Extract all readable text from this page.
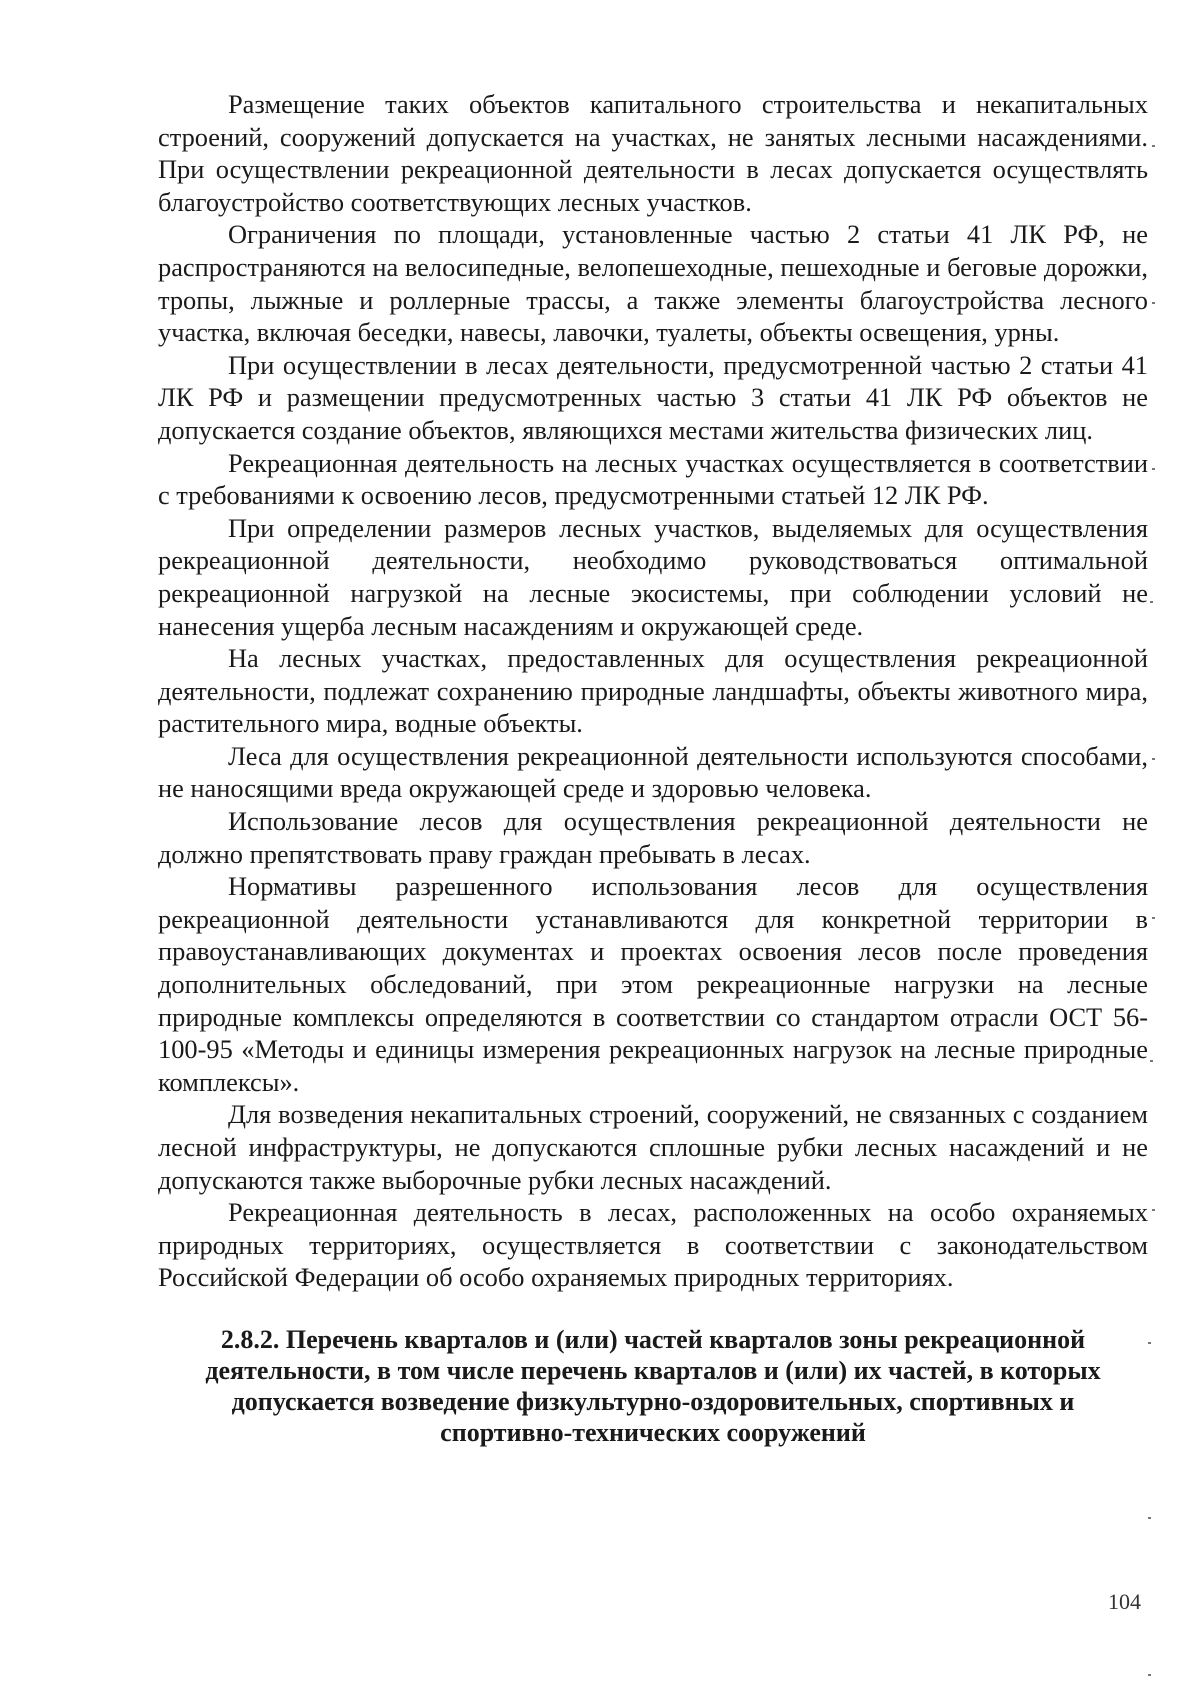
Размещение таких объектов капитального строительства и некапитальных строений, сооружений допускается на участках, не занятых лесными насаждениями. При осуществлении рекреационной деятельности в лесах допускается осуществлять благоустройство соответствующих лесных участков.

Ограничения по площади, установленные частью 2 статьи 41 ЛК РФ, не распространяются на велосипедные, велопешеходные, пешеходные и беговые дорожки, тропы, лыжные и роллерные трассы, а также элементы благоустройства лесного участка, включая беседки, навесы, лавочки, туалеты, объекты освещения, урны.

При осуществлении в лесах деятельности, предусмотренной частью 2 статьи 41 ЛК РФ и размещении предусмотренных частью 3 статьи 41 ЛК РФ объектов не допускается создание объектов, являющихся местами жительства физических лиц.

Рекреационная деятельность на лесных участках осуществляется в соответствии с требованиями к освоению лесов, предусмотренными статьей 12 ЛК РФ.

При определении размеров лесных участков, выделяемых для осуществления рекреационной деятельности, необходимо руководствоваться оптимальной рекреационной нагрузкой на лесные экосистемы, при соблюдении условий не нанесения ущерба лесным насаждениям и окружающей среде.

На лесных участках, предоставленных для осуществления рекреационной деятельности, подлежат сохранению природные ландшафты, объекты животного мира, растительного мира, водные объекты.

Леса для осуществления рекреационной деятельности используются способами, не наносящими вреда окружающей среде и здоровью человека.

Использование лесов для осуществления рекреационной деятельности не должно препятствовать праву граждан пребывать в лесах.

Нормативы разрешенного использования лесов для осуществления рекреационной деятельности устанавливаются для конкретной территории в правоустанавливающих документах и проектах освоения лесов после проведения дополнительных обследований, при этом рекреационные нагрузки на лесные природные комплексы определяются в соответствии со стандартом отрасли ОСТ 56-100-95 «Методы и единицы измерения рекреационных нагрузок на лесные природные комплексы».

Для возведения некапитальных строений, сооружений, не связанных с созданием лесной инфраструктуры, не допускаются сплошные рубки лесных насаждений и не допускаются также выборочные рубки лесных насаждений.

Рекреационная деятельность в лесах, расположенных на особо охраняемых природных территориях, осуществляется в соответствии с законодательством Российской Федерации об особо охраняемых природных территориях.

2.8.2. Перечень кварталов и (или) частей кварталов зоны рекреационной деятельности, в том числе перечень кварталов и (или) их частей, в которых допускается возведение физкультурно-оздоровительных, спортивных и спортивно-технических сооружений
104
